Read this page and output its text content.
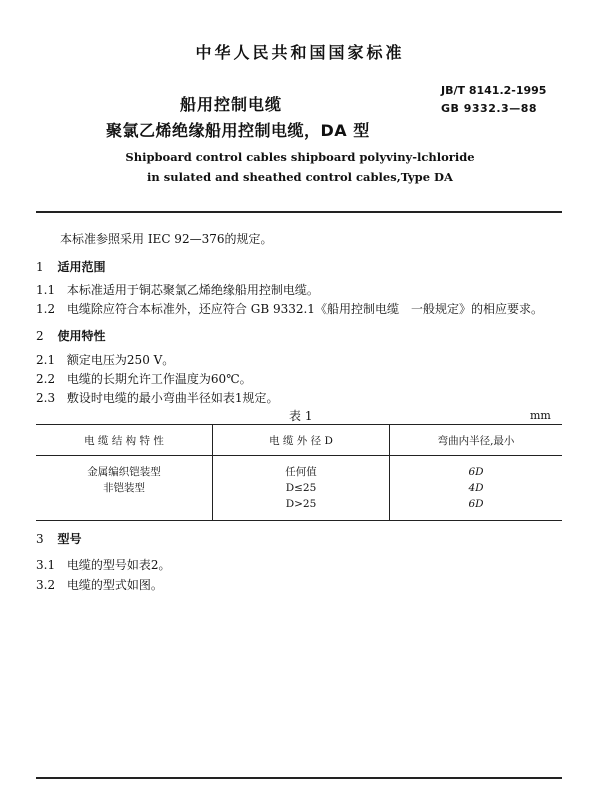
中华人民共和国国家标准
船用控制电缆
聚氯乙烯绝缘船用控制电缆，DA 型
JB/T 8141.2-1995
GB 9332.3—88
Shipboard control cables shipboard polyviny-lchloride
in sulated and sheathed control cables,Type DA
本标准参照采用 IEC 92—376的规定。
1 适用范围
1.1 本标准适用于铜芯聚氯乙烯绝缘船用控制电缆。
1.2 电缆除应符合本标准外，还应符合 GB 9332.1《船用控制电缆　一般规定》的相应要求。
2 使用特性
2.1 额定电压为250 V。
2.2 电缆的长期允许工作温度为60℃。
2.3 敷设时电缆的最小弯曲半径如表1规定。
表 1	mm
电 缆 结 构 特 性	电 缆 外 径 D	弯曲内半径,最小
金属编织铠装型	任何值	6D
非铠装型	D≤25	4D
	D>25	6D
3 型号
3.1 电缆的型号如表2。
3.2 电缆的型式如图。
